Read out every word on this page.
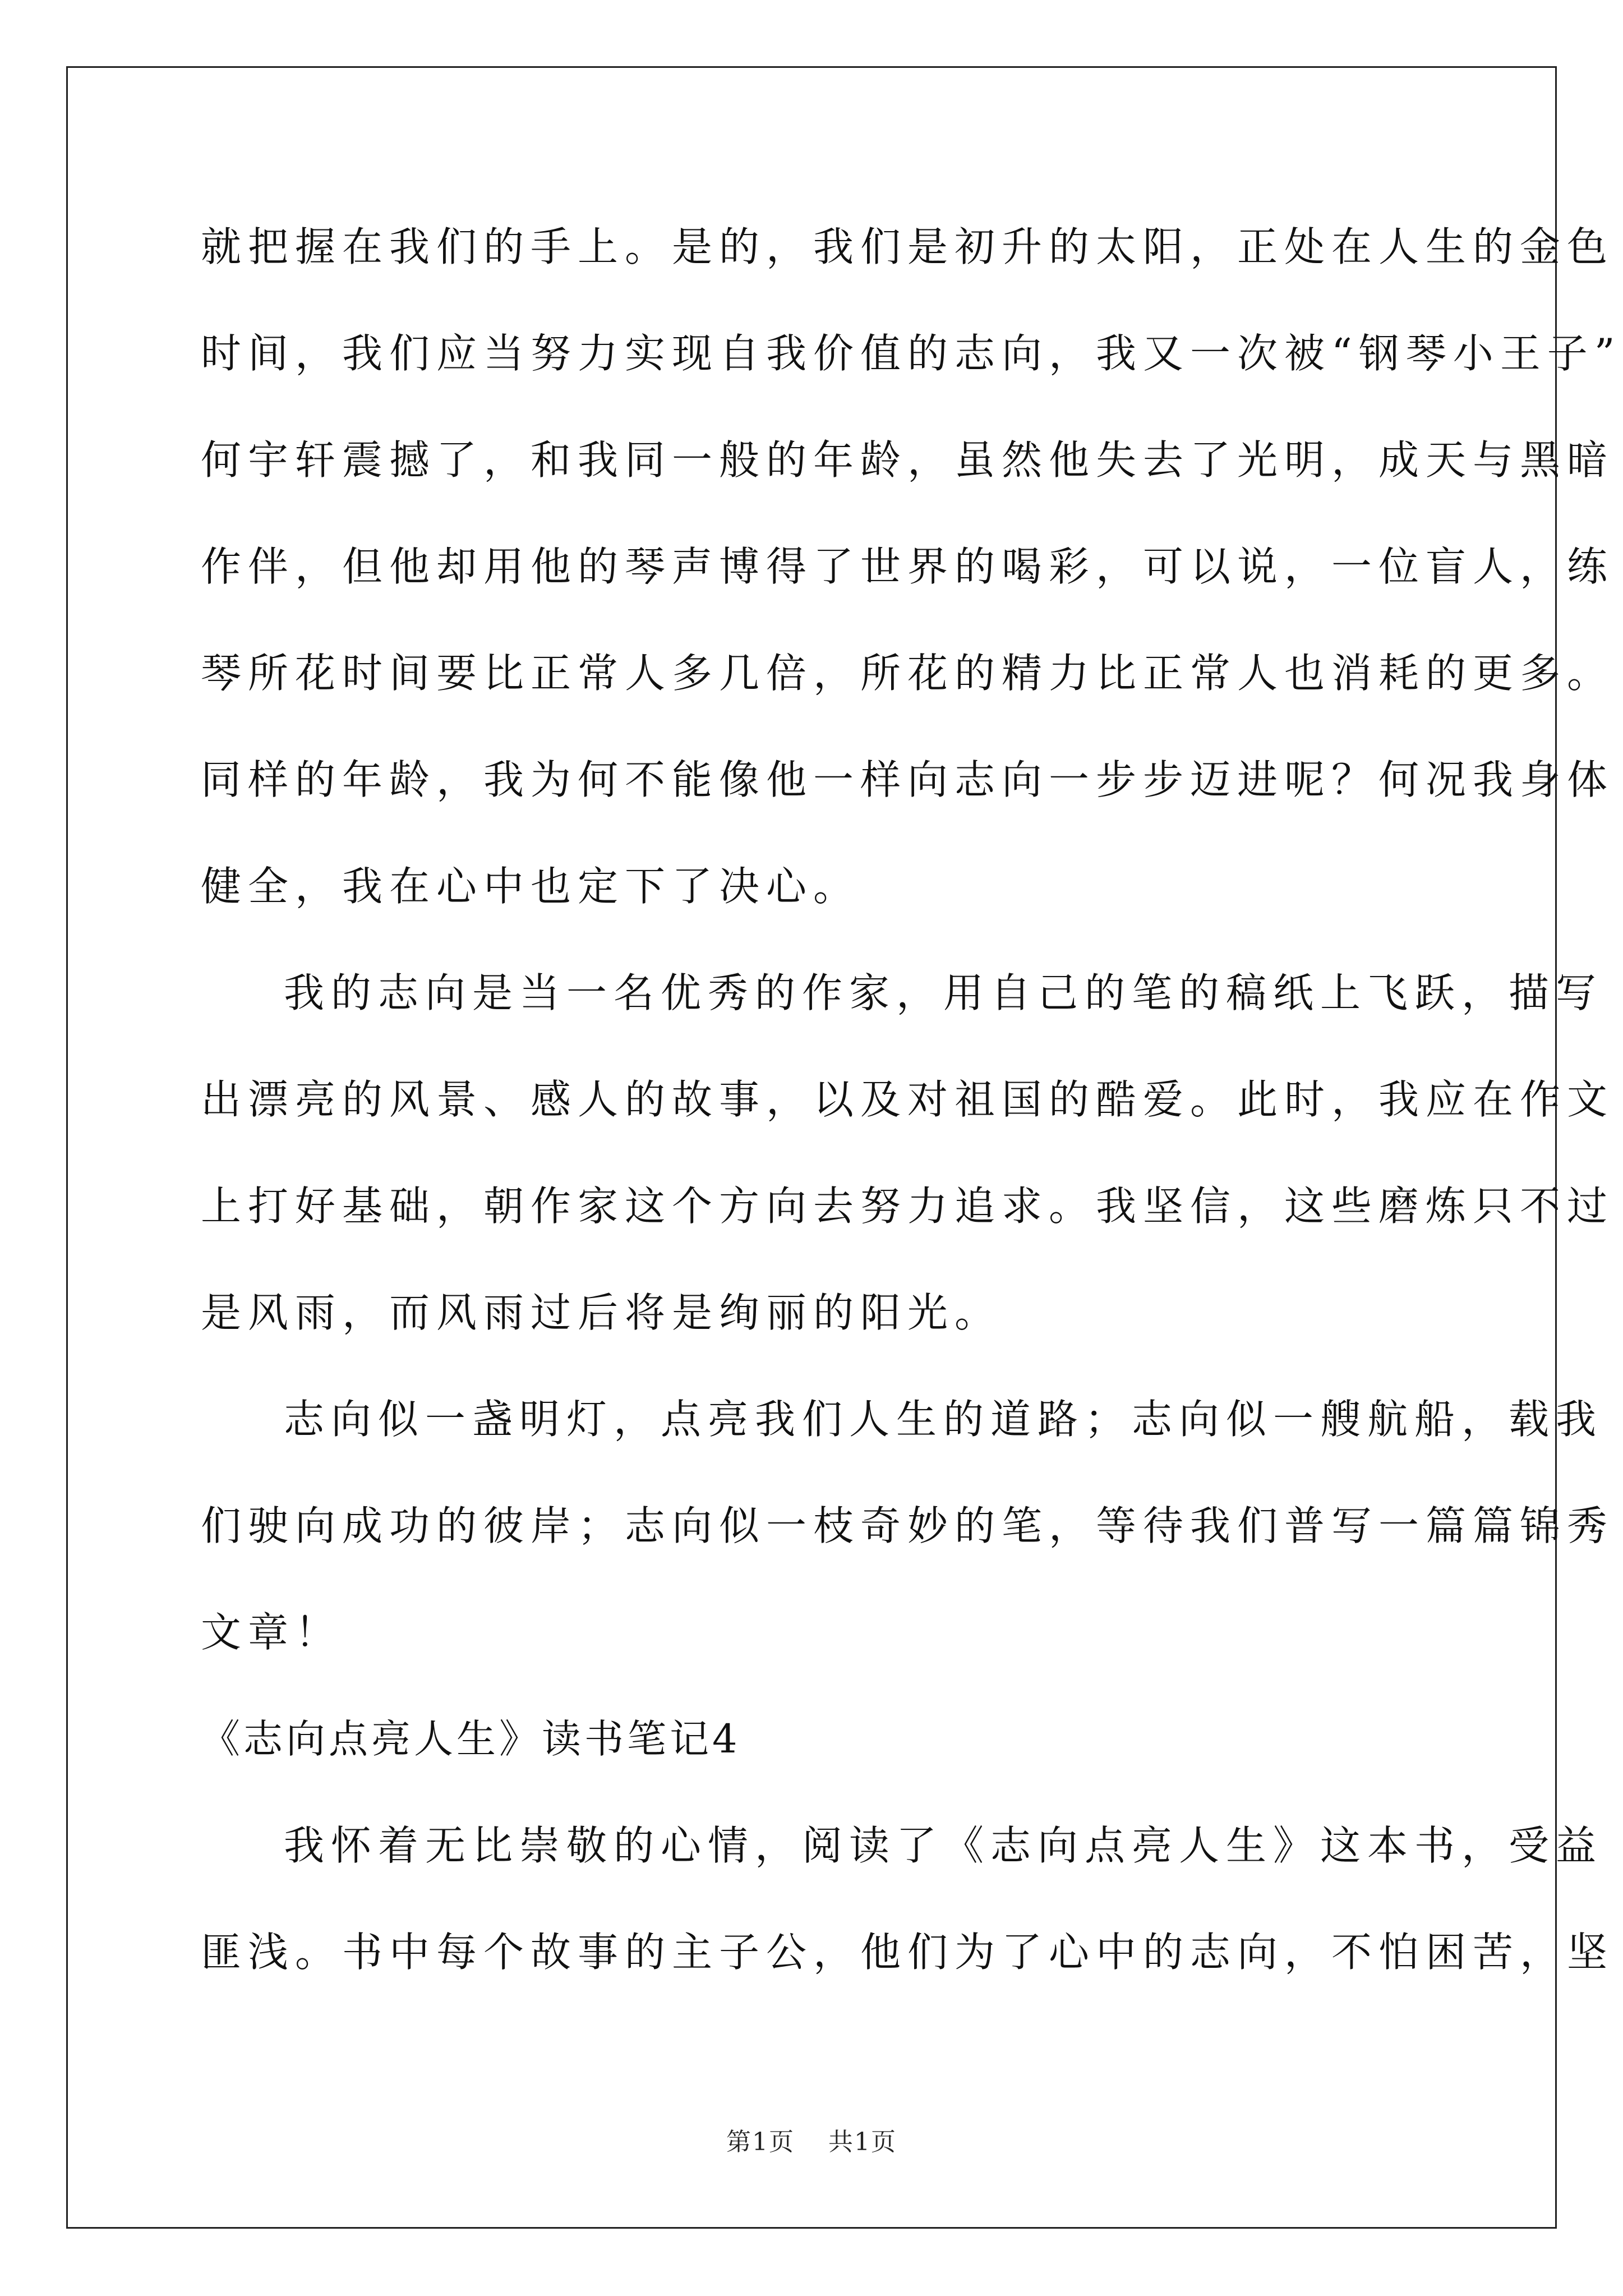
就把握在我们的手上。是的，我们是初升的太阳，正处在人生的金色
时间，我们应当努力实现自我价值的志向，我又一次被“钢琴小王子”
何宇轩震撼了，和我同一般的年龄，虽然他失去了光明，成天与黑暗
作伴，但他却用他的琴声博得了世界的喝彩，可以说，一位盲人，练
琴所花时间要比正常人多几倍，所花的精力比正常人也消耗的更多。
同样的年龄，我为何不能像他一样向志向一步步迈进呢？何况我身体
健全，我在心中也定下了决心。
我的志向是当一名优秀的作家，用自己的笔的稿纸上飞跃，描写
出漂亮的风景、感人的故事，以及对祖国的酷爱。此时，我应在作文
上打好基础，朝作家这个方向去努力追求。我坚信，这些磨炼只不过
是风雨，而风雨过后将是绚丽的阳光。
志向似一盏明灯，点亮我们人生的道路；志向似一艘航船，载我
们驶向成功的彼岸；志向似一枝奇妙的笔，等待我们普写一篇篇锦秀
文章！
《志向点亮人生》读书笔记4
我怀着无比崇敬的心情，阅读了《志向点亮人生》这本书，受益
匪浅。书中每个故事的主子公，他们为了心中的志向，不怕困苦，坚
第1页 共1页
